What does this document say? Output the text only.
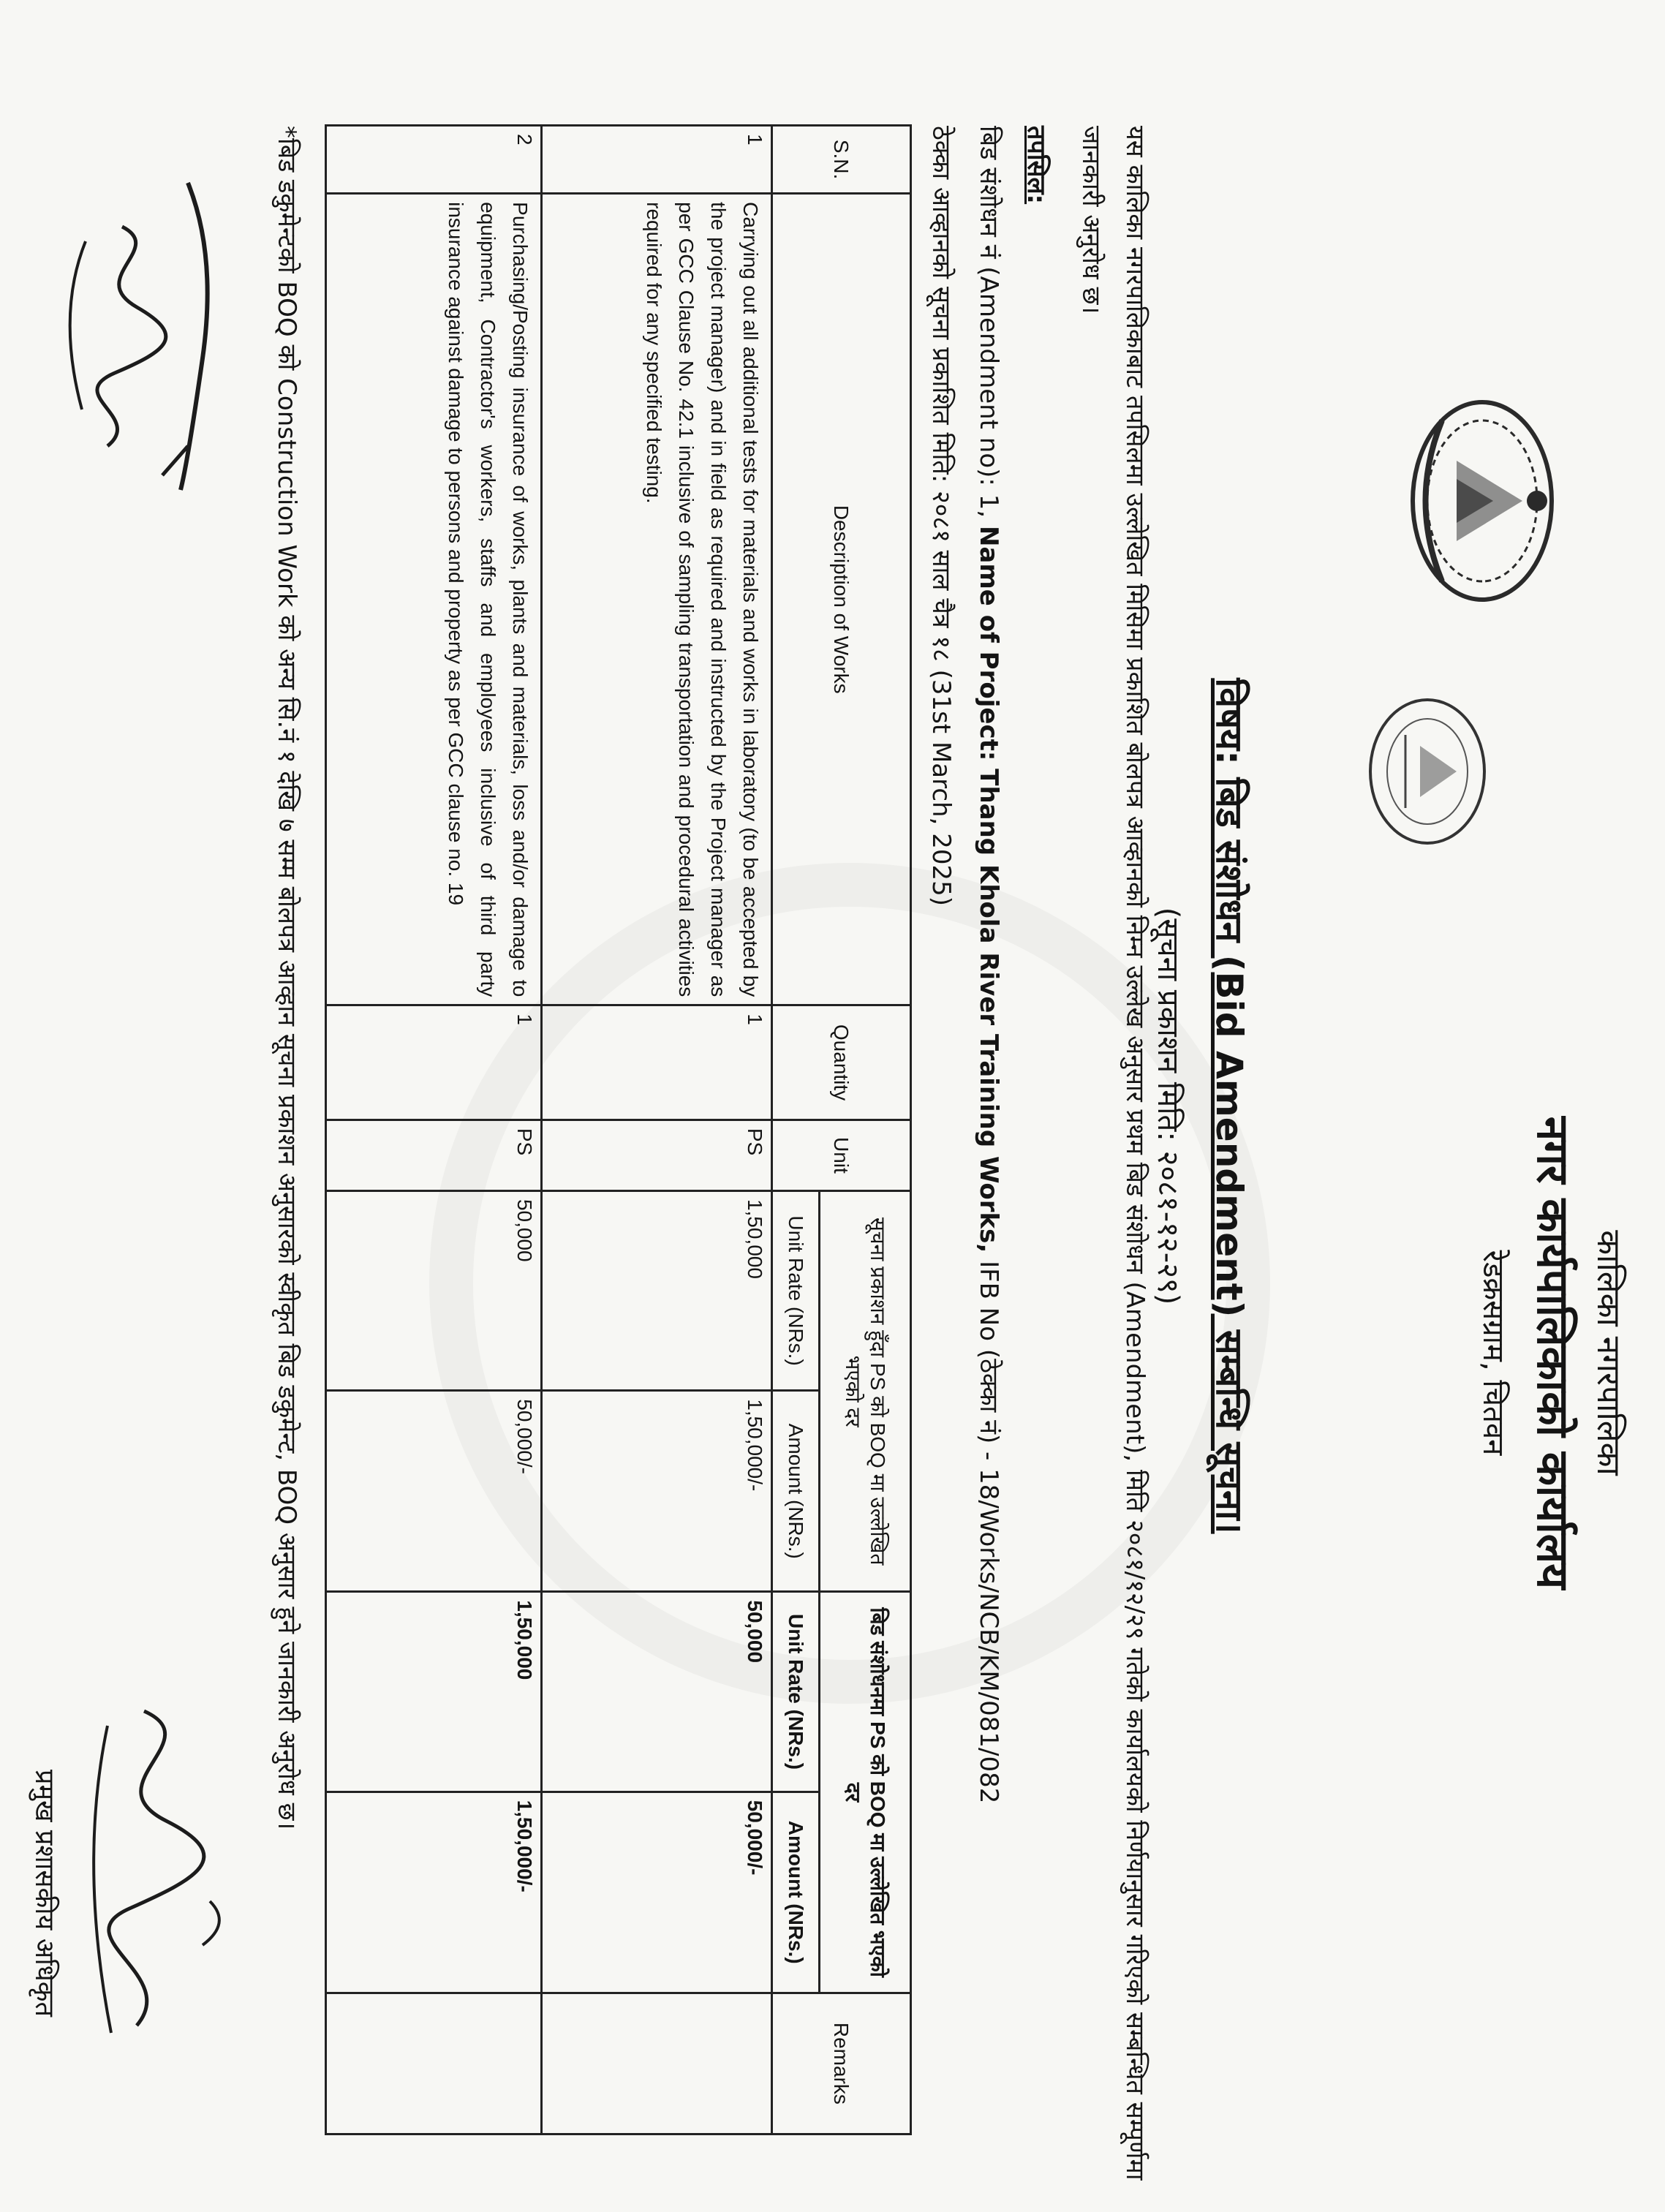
कालिका नगरपालिका
नगर कार्यपालिकाको कार्यालय
रेडक्रसग्राम, चितवन
विषय: बिड संशोधन (Bid Amendment) सम्बन्धि सूचना।
(सूचना प्रकाशन मिति: २०८१-१२-२९)
यस कालिका नगरपालिकाबाट तपसिलमा उल्लेखित मिसिमा प्रकाशित बोलपत्र आव्हानको निम्न उल्लेख अनुसार प्रथम बिड संशोधन (Amendment), मिति २०८१/१२/२९ गतेको कार्यालयको निर्णयानुसार गरिएको सम्बन्धित सम्पूर्णमा जानकारी अनुरोध छ।
तपसिल:
बिड संशोधन नं (Amendment no): 1, Name of Project: Thang Khola River Training Works, IFB No (ठेक्का नं) - 18/Works/NCB/KM/081/082
ठेक्का आव्हानको सूचना प्रकाशित मिति: २०८१ साल चैत्र १८ (31st March, 2025)
S.N.	Description of Works	Quantity	Unit	सूचना प्रकाशन हुँदा PS को BOQ मा उल्लेखित भएको दर		बिड संशोधनमा PS को BOQ मा उल्लेखित भएको दर		Remarks
				Unit Rate (NRs.)	Amount (NRs.)	Unit Rate (NRs.)	Amount (NRs.)	
1	Carrying out all additional tests for materials and works in laboratory (to be accepted by the project manager) and in field as required and instructed by the Project manager as per GCC Clause No. 42.1 inclusive of sampling transportation and procedural activities required for any specified testing.	1	PS	1,50,000	1,50,000/-	50,000	50,000/-	
2	Purchasing/Posting insurance of works, plants and materials, loss and/or damage to equipment, Contractor's workers, staffs and employees inclusive of third party insurance against damage to persons and property as per GCC clause no. 19	1	PS	50,000	50,000/-	1,50,000	1,50,000/-	
*बिड डकुमेन्टको BOQ को Construction Work को अन्य सि.नं १ देखि ७ सम्म बोलपत्र आव्हान सूचना प्रकाशन अनुसारको स्वीकृत बिड डकुमेन्ट, BOQ अनुसार हुने जानकारी अनुरोध छ।
प्रमुख प्रशासकीय अधिकृत
